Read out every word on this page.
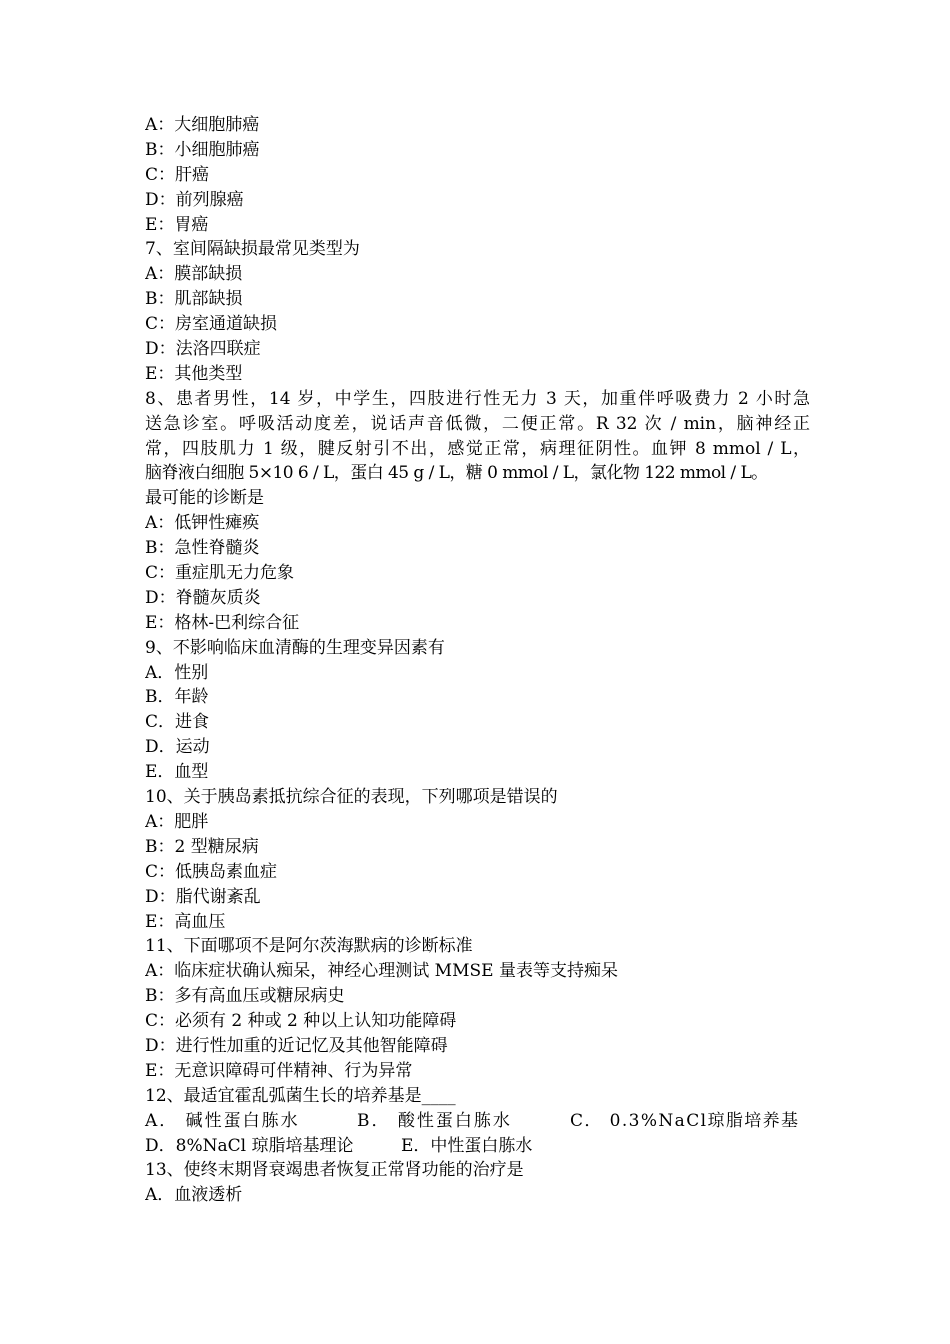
A：大细胞肺癌
B：小细胞肺癌
C：肝癌
D：前列腺癌
E：胃癌
7、室间隔缺损最常见类型为
A：膜部缺损
B：肌部缺损
C：房室通道缺损
D：法洛四联症
E：其他类型
8、患者男性，14 岁，中学生，四肢进行性无力 3 天，加重伴呼吸费力 2 小时急
送急诊室。呼吸活动度差，说话声音低微，二便正常。R 32 次 / min，脑神经正
常，四肢肌力 1 级，腱反射引不出，感觉正常，病理征阴性。血钾 8 mmol / L，
脑脊液白细胞 5×10 6 / L，蛋白 45 g / L，糖 0 mmol / L，氯化物 122 mmol / L。
最可能的诊断是
A：低钾性瘫痪
B：急性脊髓炎
C：重症肌无力危象
D：脊髓灰质炎
E：格林-巴利综合征
9、不影响临床血清酶的生理变异因素有
A．性别
B．年龄
C．进食
D．运动
E．血型
10、关于胰岛素抵抗综合征的表现，下列哪项是错误的
A：肥胖
B：2 型糖尿病
C：低胰岛素血症
D：脂代谢紊乱
E：高血压
11、下面哪项不是阿尔茨海默病的诊断标准
A：临床症状确认痴呆，神经心理测试 MMSE 量表等支持痴呆
B：多有高血压或糖尿病史
C：必须有 2 种或 2 种以上认知功能障碍
D：进行性加重的近记忆及其他智能障碍
E：无意识障碍可伴精神、行为异常
12、最适宜霍乱弧菌生长的培养基是____
A． 碱性蛋白胨水	B． 酸性蛋白胨水	C． 0.3%NaCl琼脂培养基
D．8%NaCl 琼脂培基理论	E．中性蛋白胨水
13、使终末期肾衰竭患者恢复正常肾功能的治疗是
A．血液透析
